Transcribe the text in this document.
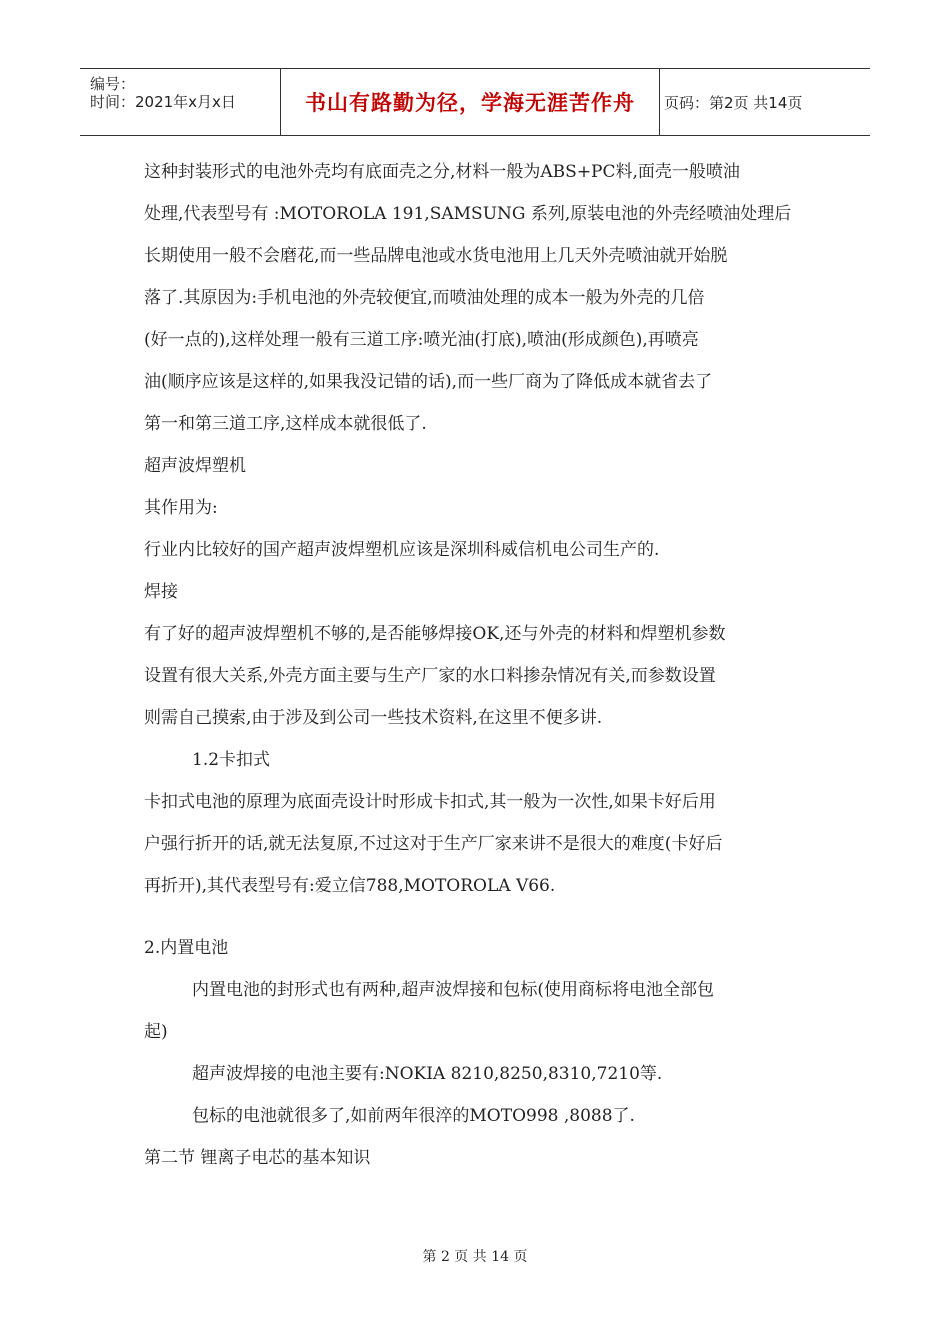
编号：
时间：2021年x月x日	书山有路勤为径，学海无涯苦作舟 页码：第2页 共14页
这种封装形式的电池外壳均有底面壳之分,材料一般为ABS+PC料,面壳一般喷油
处理,代表型号有 :MOTOROLA 191,SAMSUNG 系列,原装电池的外壳经喷油处理后
长期使用一般不会磨花,而一些品牌电池或水货电池用上几天外壳喷油就开始脱
落了.其原因为:手机电池的外壳较便宜,而喷油处理的成本一般为外壳的几倍
(好一点的),这样处理一般有三道工序:喷光油(打底),喷油(形成颜色),再喷亮
油(顺序应该是这样的,如果我没记错的话),而一些厂商为了降低成本就省去了
第一和第三道工序,这样成本就很低了.
超声波焊塑机
其作用为:
行业内比较好的国产超声波焊塑机应该是深圳科威信机电公司生产的.
焊接
有了好的超声波焊塑机不够的,是否能够焊接OK,还与外壳的材料和焊塑机参数
设置有很大关系,外壳方面主要与生产厂家的水口料掺杂情况有关,而参数设置
则需自己摸索,由于涉及到公司一些技术资料,在这里不便多讲.
1.2卡扣式
卡扣式电池的原理为底面壳设计时形成卡扣式,其一般为一次性,如果卡好后用
户强行折开的话,就无法复原,不过这对于生产厂家来讲不是很大的难度(卡好后
再折开),其代表型号有:爱立信788,MOTOROLA V66.
2.内置电池
内置电池的封形式也有两种,超声波焊接和包标(使用商标将电池全部包
起)
超声波焊接的电池主要有:NOKIA 8210,8250,8310,7210等.
包标的电池就很多了,如前两年很淬的MOTO998 ,8088了.
第二节 锂离子电芯的基本知识
第 2 页 共 14 页
